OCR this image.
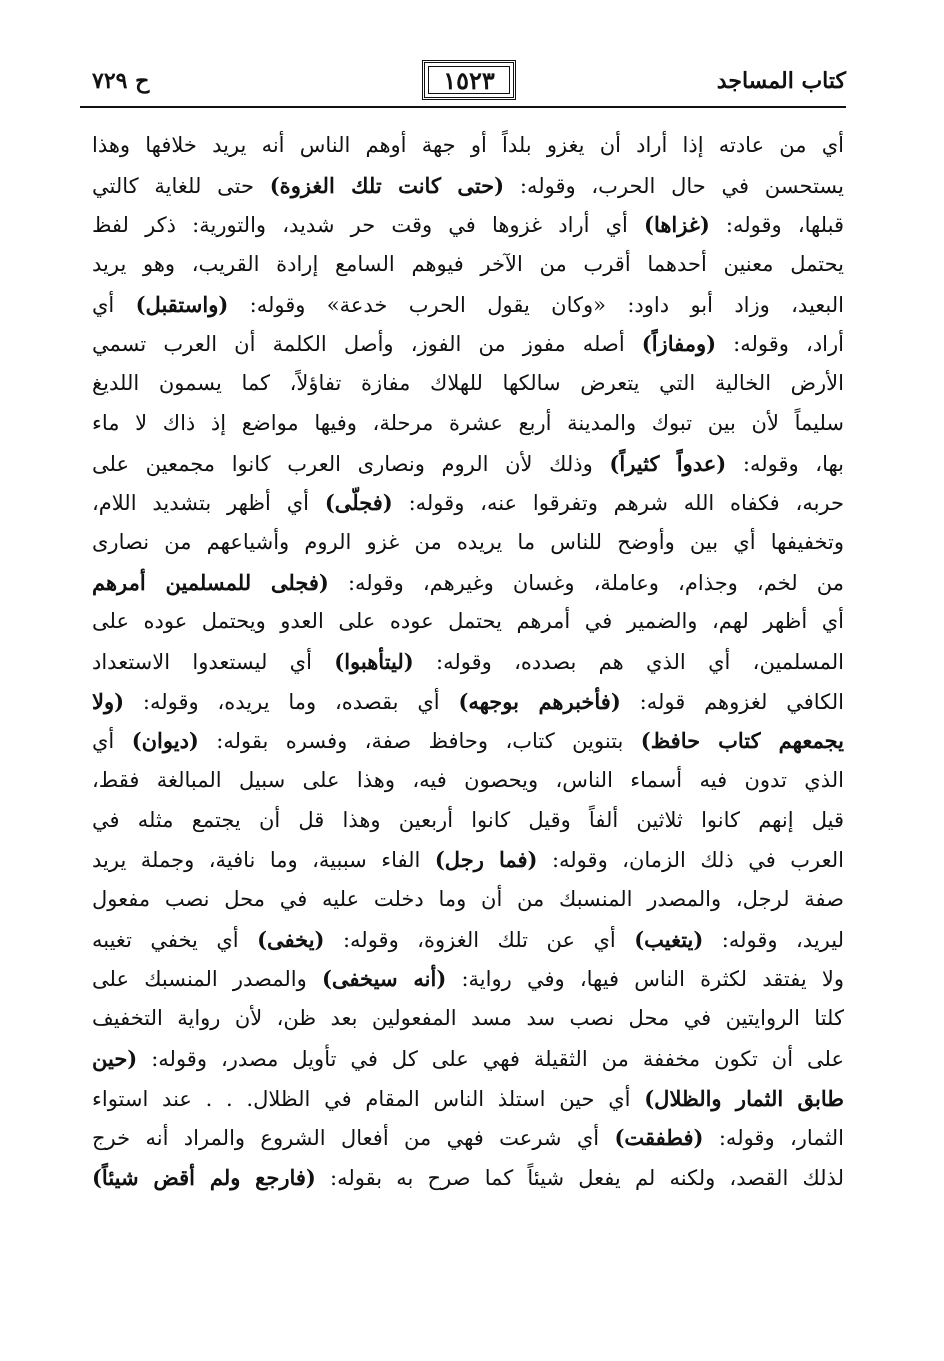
كتاب المساجد
١٥٢٣
ح ٧٢٩
أي من عادته إذا أراد أن يغزو بلداً أو جهة أوهم الناس أنه يريد خلافها وهذا
يستحسن في حال الحرب، وقوله: (حتى كانت تلك الغزوة) حتى للغاية كالتي
قبلها، وقوله: (غزاها) أي أراد غزوها في وقت حر شديد، والتورية: ذكر لفظ
يحتمل معنين أحدهما أقرب من الآخر فيوهم السامع إرادة القريب، وهو يريد
البعيد، وزاد أبو داود: «وكان يقول الحرب خدعة» وقوله: (واستقبل) أي
أراد، وقوله: (ومفازاً) أصله مفوز من الفوز، وأصل الكلمة أن العرب تسمي
الأرض الخالية التي يتعرض سالكها للهلاك مفازة تفاؤلاً، كما يسمون اللديغ
سليماً لأن بين تبوك والمدينة أربع عشرة مرحلة، وفيها مواضع إذ ذاك لا ماء
بها، وقوله: (عدواً كثيراً) وذلك لأن الروم ونصارى العرب كانوا مجمعين على
حربه، فكفاه الله شرهم وتفرقوا عنه، وقوله: (فجلّى) أي أظهر بتشديد اللام،
وتخفيفها أي بين وأوضح للناس ما يريده من غزو الروم وأشياعهم من نصارى
من لخم، وجذام، وعاملة، وغسان وغيرهم، وقوله: (فجلى للمسلمين أمرهم
أي أظهر لهم، والضمير في أمرهم يحتمل عوده على العدو ويحتمل عوده على
المسلمين، أي الذي هم بصدده، وقوله: (ليتأهبوا) أي ليستعدوا الاستعداد
الكافي لغزوهم قوله: (فأخبرهم بوجهه) أي بقصده، وما يريده، وقوله: (ولا
يجمعهم كتاب حافظ) بتنوين كتاب، وحافظ صفة، وفسره بقوله: (ديوان) أي
الذي تدون فيه أسماء الناس، ويحصون فيه، وهذا على سبيل المبالغة فقط،
قيل إنهم كانوا ثلاثين ألفاً وقيل كانوا أربعين وهذا قل أن يجتمع مثله في
العرب في ذلك الزمان، وقوله: (فما رجل) الفاء سببية، وما نافية، وجملة يريد
صفة لرجل، والمصدر المنسبك من أن وما دخلت عليه في محل نصب مفعول
ليريد، وقوله: (يتغيب) أي عن تلك الغزوة، وقوله: (يخفى) أي يخفي تغيبه
ولا يفتقد لكثرة الناس فيها، وفي رواية: (أنه سيخفى) والمصدر المنسبك على
كلتا الروايتين في محل نصب سد مسد المفعولين بعد ظن، لأن رواية التخفيف
على أن تكون مخففة من الثقيلة فهي على كل في تأويل مصدر، وقوله: (حين
طابق الثمار والظلال) أي حين استلذ الناس المقام في الظلال. . . عند استواء
الثمار، وقوله: (فطفقت) أي شرعت فهي من أفعال الشروع والمراد أنه خرج
لذلك القصد، ولكنه لم يفعل شيئاً كما صرح به بقوله: (فارجع ولم أقض شيئاً)
